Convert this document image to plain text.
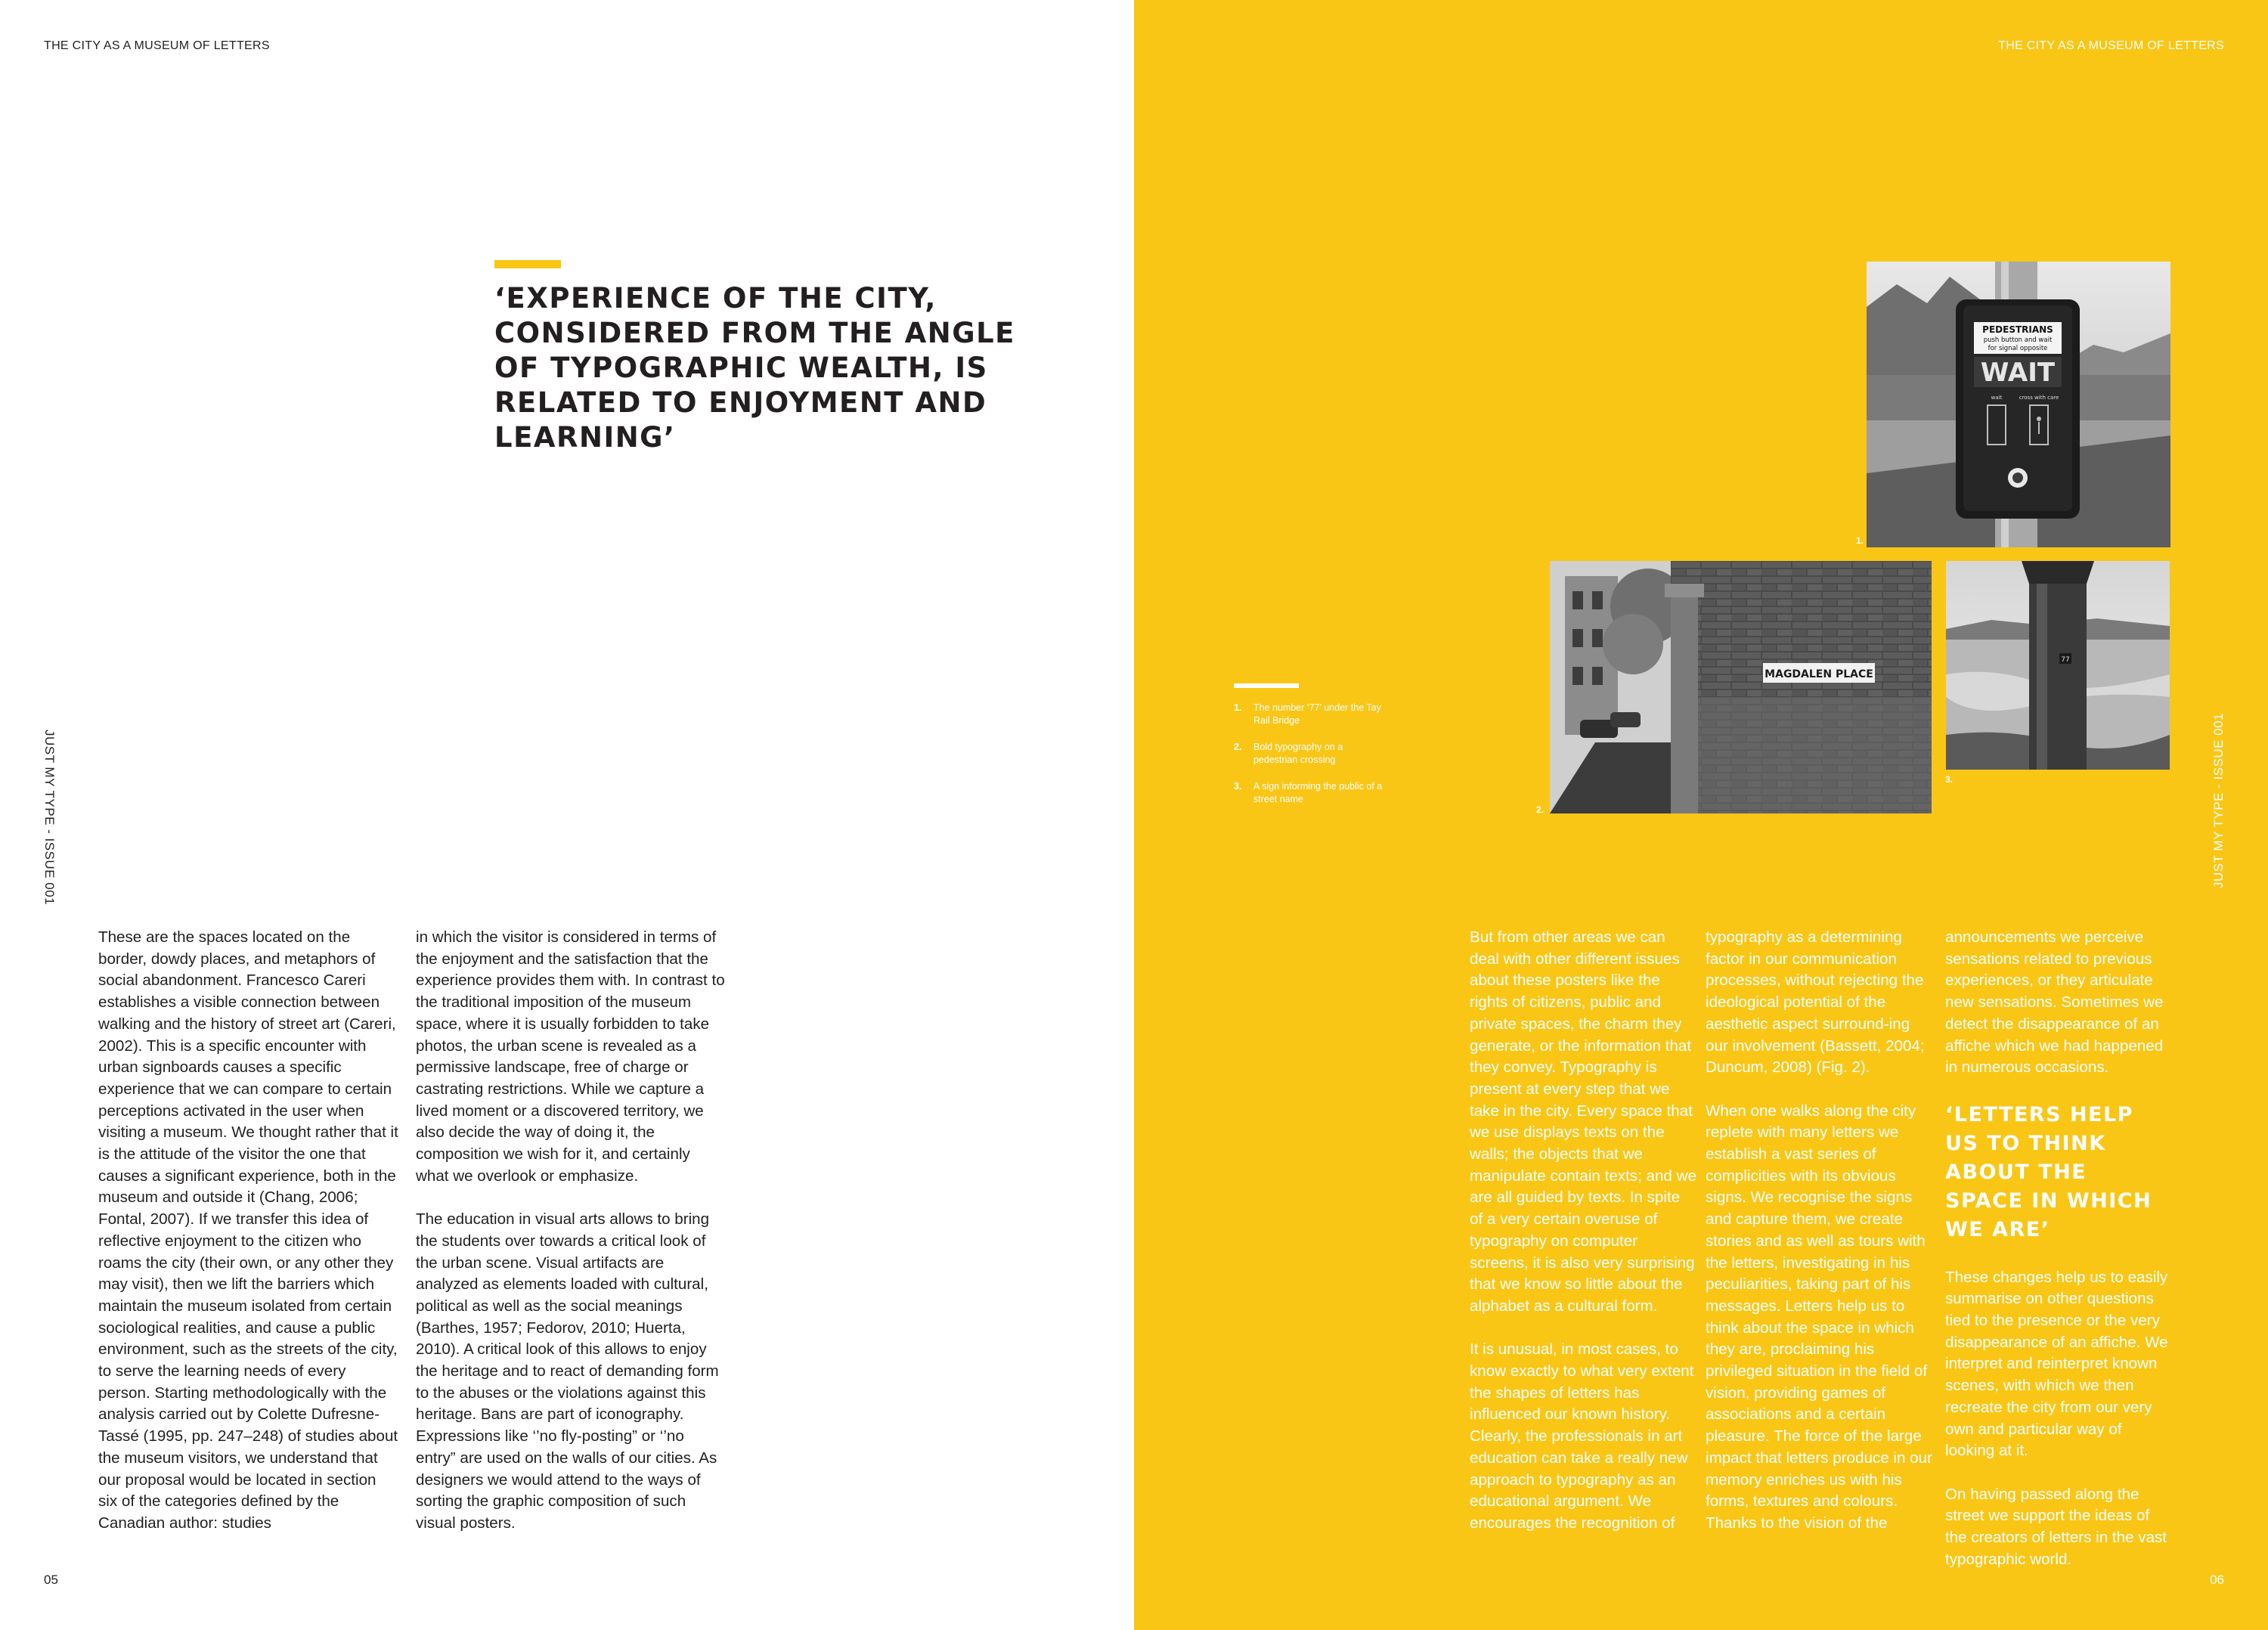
THE CITY AS A MUSEUM OF LETTERS
JUST MY TYPE - ISSUE 001
‘EXPERIENCE OF THE CITY, CONSIDERED FROM THE ANGLE OF TYPOGRAPHIC WEALTH, IS RELATED TO ENJOYMENT AND LEARNING’

These are the spaces located on the border, dowdy places, and metaphors of social abandonment. Francesco Careri establishes a visible connection between walking and the history of street art (Careri, 2002). This is a specific encounter with urban signboards causes a specific experience that we can compare to certain perceptions activated in the user when visiting a museum. We thought rather that it is the attitude of the visitor the one that causes a significant experience, both in the museum and outside it (Chang, 2006; Fontal, 2007). If we transfer this idea of reflective enjoyment to the citizen who roams the city (their own, or any other they may visit), then we lift the barriers which maintain the museum isolated from certain sociological realities, and cause a public environment, such as the streets of the city, to serve the learning needs of every person. Starting methodologically with the analysis carried out by Colette Dufresne-Tassé (1995, pp. 247–248) of studies about the museum visitors, we understand that our proposal would be located in section six of the categories defined by the Canadian author: studies

in which the visitor is considered in terms of the enjoyment and the satisfaction that the experience provides them with. In contrast to the traditional imposition of the museum space, where it is usually forbidden to take photos, the urban scene is revealed as a permissive landscape, free of charge or castrating restrictions. While we capture a lived moment or a discovered territory, we also decide the way of doing it, the composition we wish for it, and certainly what we overlook or emphasize.

The education in visual arts allows to bring the students over towards a critical look of the urban scene. Visual artifacts are analyzed as elements loaded with cultural, political as well as the social meanings (Barthes, 1957; Fedorov, 2010; Huerta, 2010). A critical look of this allows to enjoy the heritage and to react of demanding form to the abuses or the violations against this heritage. Bans are part of iconography. Expressions like ‘’no fly-posting” or ‘’no entry” are used on the walls of our cities. As designers we would attend to the ways of sorting the graphic composition of such visual posters.

05
THE CITY AS A MUSEUM OF LETTERS
06
JUST MY TYPE - ISSUE 001
1. The number ‘77’ under the Tay Rail Bridge
2. Bold typography on a pedestrian crossing
3. A sign informing the public of a street name
PEDESTRIANS
push button and wait
for signal opposite
WAIT
wait	cross with care
1.
MAGDALEN PLACE
2.
77
3.

But from other areas we can deal with other different issues about these posters like the rights of citizens, public and private spaces, the charm they generate, or the information that they convey. Typography is present at every step that we take in the city. Every space that we use displays texts on the walls; the objects that we manipulate contain texts; and we are all guided by texts. In spite of a very certain overuse of typography on computer screens, it is also very surprising that we know so little about the alphabet as a cultural form.

It is unusual, in most cases, to know exactly to what very extent the shapes of letters has influenced our known history. Clearly, the professionals in art education can take a really new approach to typography as an educational argument. We encourages the recognition of

typography as a determining factor in our communication processes, without rejecting the ideological potential of the aesthetic aspect surround-ing our involvement (Bassett, 2004; Duncum, 2008) (Fig. 2).

When one walks along the city replete with many letters we establish a vast series of complicities with its obvious signs. We recognise the signs and capture them, we create stories and as well as tours with the letters, investigating in his peculiarities, taking part of his messages. Letters help us to think about the space in which they are, proclaiming his privileged situation in the field of vision, providing games of associations and a certain pleasure. The force of the large impact that letters produce in our memory enriches us with his forms, textures and colours. Thanks to the vision of the

announcements we perceive sensations related to previous experiences, or they articulate new sensations. Sometimes we detect the disappearance of an affiche which we had happened in numerous occasions.

‘LETTERS HELP US TO THINK ABOUT THE SPACE IN WHICH WE ARE’

These changes help us to easily summarise on other questions tied to the presence or the very disappearance of an affiche. We interpret and reinterpret known scenes, with which we then recreate the city from our very own and particular way of looking at it.

On having passed along the street we support the ideas of the creators of letters in the vast typographic world.
